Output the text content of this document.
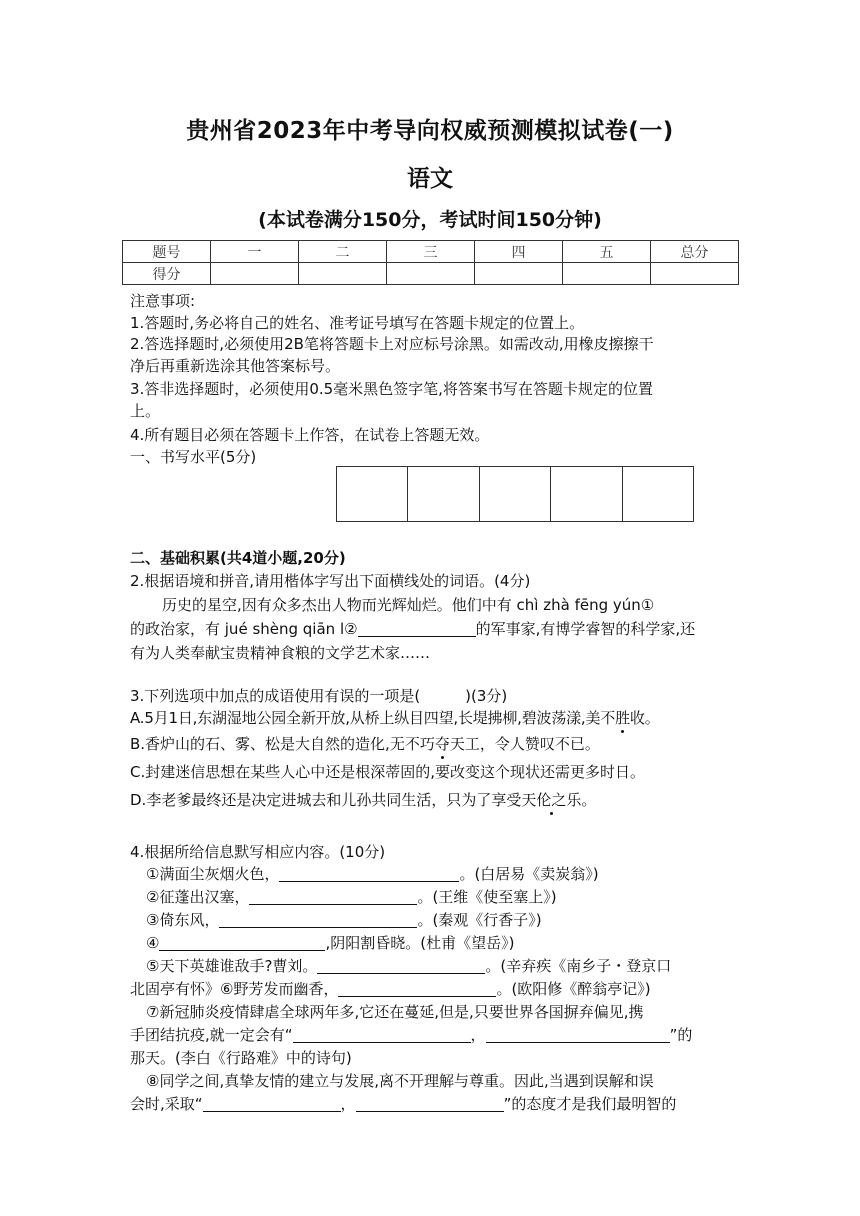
贵州省2023年中考导向权威预测模拟试卷(一)
语文
(本试卷满分150分，考试时间150分钟)
题号	一	二	三	四	五	总分
得分						
注意事项:
1.答题时,务必将自己的姓名、准考证号填写在答题卡规定的位置上。
2.答选择题时,必须使用2B笔将答题卡上对应标号涂黑。如需改动,用橡皮擦擦干
净后再重新选涂其他答案标号。
3.答非选择题时，必须使用0.5毫米黑色签字笔,将答案书写在答题卡规定的位置
上。
4.所有题目必须在答题卡上作答，在试卷上答题无效。
一、书写水平(5分)
二、基础积累(共4道小题,20分)
2.根据语境和拼音,请用楷体字写出下面横线处的词语。(4分)
历史的星空,因有众多杰出人物而光辉灿烂。他们中有 chì zhà fēng yún①
的政治家，有 jué shèng qiān l②	的军事家,有博学睿智的科学家,还
有为人类奉献宝贵精神食粮的文学艺术家……
3.下列选项中加点的成语使用有误的一项是(　　　)(3分)
A.5月1日,东湖湿地公园全新开放,从桥上纵目四望,长堤拂柳,碧波荡漾,美不胜收。
B.香炉山的石、雾、松是大自然的造化,无不巧夺天工，令人赞叹不已。
C.封建迷信思想在某些人心中还是根深蒂固的,要改变这个现状还需更多时日。
D.李老爹最终还是决定进城去和儿孙共同生活，只为了享受天伦之乐。
4.根据所给信息默写相应内容。(10分)
①满面尘灰烟火色，	。(白居易《卖炭翁》)
②征蓬出汉塞，	。(王维《使至塞上》)
③倚东风，	。(秦观《行香子》)
④	,阴阳割昏晓。(杜甫《望岳》)
⑤天下英雄谁敌手?曹刘。	。(辛弃疾《南乡子・登京口
北固亭有怀》⑥野芳发而幽香，	。(欧阳修《醉翁亭记》)
⑦新冠肺炎疫情肆虐全球两年多,它还在蔓延,但是,只要世界各国摒弃偏见,携
手团结抗疫,就一定会有“	，	”的
那天。(李白《行路难》中的诗句)
⑧同学之间,真挚友情的建立与发展,离不开理解与尊重。因此,当遇到误解和误
会时,采取“	，	”的态度才是我们最明智的
